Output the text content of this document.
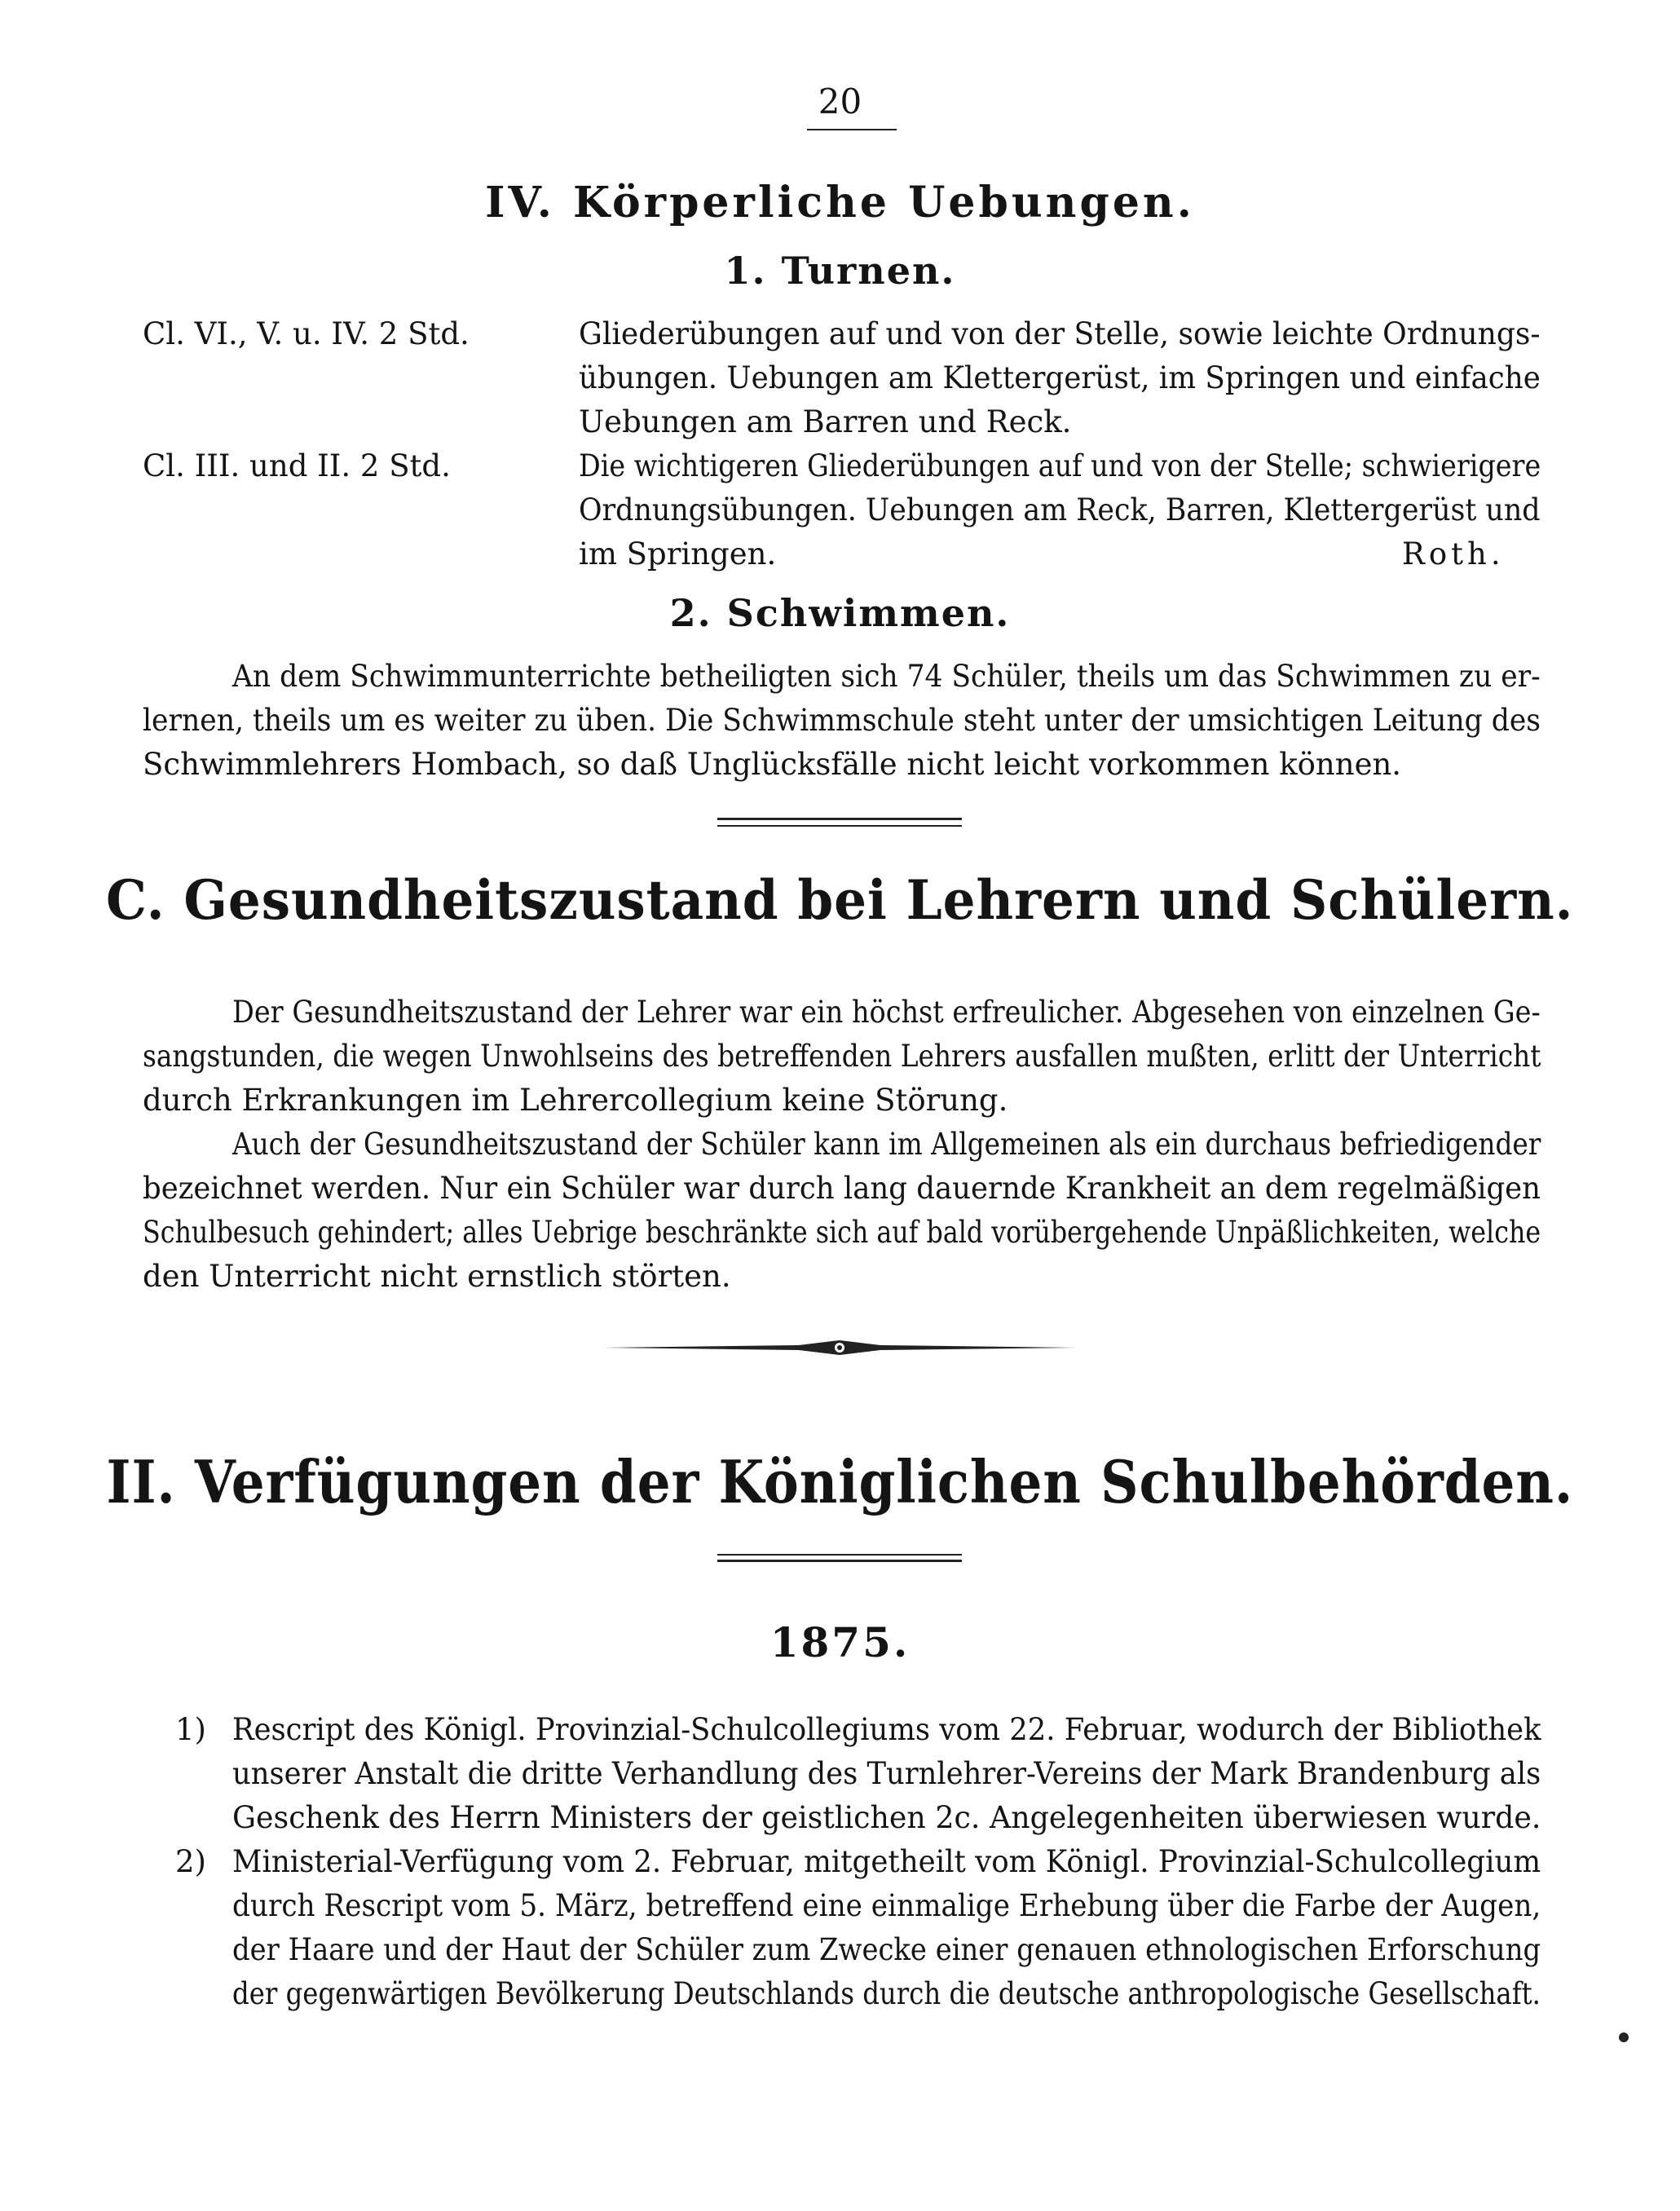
20
IV. Körperliche Uebungen.
1. Turnen.
Cl. VI., V. u. IV. 2 Std.	Gliederübungen auf und von der Stelle, sowie leichte Ordnungs-
übungen. Uebungen am Klettergerüst, im Springen und einfache
Uebungen am Barren und Reck.
Cl. III. und II. 2 Std.	Die wichtigeren Gliederübungen auf und von der Stelle; schwierigere
Ordnungsübungen. Uebungen am Reck, Barren, Klettergerüst und
im Springen.	Roth.
2. Schwimmen.
An dem Schwimmunterrichte betheiligten sich 74 Schüler, theils um das Schwimmen zu er-
lernen, theils um es weiter zu üben. Die Schwimmschule steht unter der umsichtigen Leitung des
Schwimmlehrers Hombach, so daß Unglücksfälle nicht leicht vorkommen können.
C. Gesundheitszustand bei Lehrern und Schülern.
Der Gesundheitszustand der Lehrer war ein höchst erfreulicher. Abgesehen von einzelnen Ge-
sangstunden, die wegen Unwohlseins des betreffenden Lehrers ausfallen mußten, erlitt der Unterricht
durch Erkrankungen im Lehrercollegium keine Störung.
Auch der Gesundheitszustand der Schüler kann im Allgemeinen als ein durchaus befriedigender
bezeichnet werden. Nur ein Schüler war durch lang dauernde Krankheit an dem regelmäßigen
Schulbesuch gehindert; alles Uebrige beschränkte sich auf bald vorübergehende Unpäßlichkeiten, welche
den Unterricht nicht ernstlich störten.
II. Verfügungen der Königlichen Schulbehörden.
1875.
1) Rescript des Königl. Provinzial-Schulcollegiums vom 22. Februar, wodurch der Bibliothek
unserer Anstalt die dritte Verhandlung des Turnlehrer-Vereins der Mark Brandenburg als
Geschenk des Herrn Ministers der geistlichen 2c. Angelegenheiten überwiesen wurde.
2) Ministerial-Verfügung vom 2. Februar, mitgetheilt vom Königl. Provinzial-Schulcollegium
durch Rescript vom 5. März, betreffend eine einmalige Erhebung über die Farbe der Augen,
der Haare und der Haut der Schüler zum Zwecke einer genauen ethnologischen Erforschung
der gegenwärtigen Bevölkerung Deutschlands durch die deutsche anthropologische Gesellschaft.
